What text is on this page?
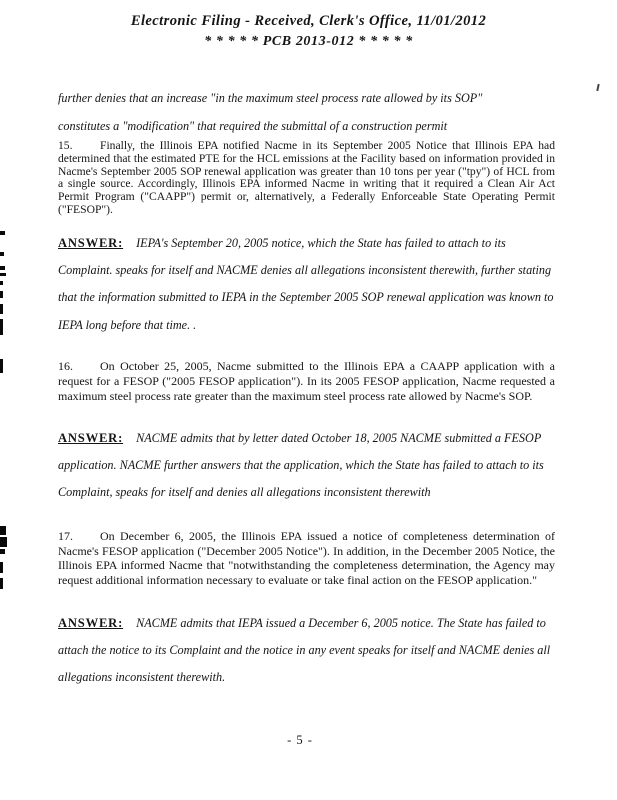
Electronic Filing - Received, Clerk's Office, 11/01/2012
* * * * * PCB 2013-012 * * * * *
further denies that an increase "in the maximum steel process rate allowed by its SOP"
constitutes a "modification" that required the submittal of a construction permit

15. Finally, the Illinois EPA notified Nacme in its September 2005 Notice that Illinois EPA had determined that the estimated PTE for the HCL emissions at the Facility based on information provided in Nacme's September 2005 SOP renewal application was greater than 10 tons per year ("tpy") of HCL from a single source. Accordingly, Illinois EPA informed Nacme in writing that it required a Clean Air Act Permit Program ("CAAPP") permit or, alternatively, a Federally Enforceable State Operating Permit ("FESOP").

ANSWER: IEPA's September 20, 2005 notice, which the State has failed to attach to its Complaint. speaks for itself and NACME denies all allegations inconsistent therewith, further stating that the information submitted to IEPA in the September 2005 SOP renewal application was known to IEPA long before that time. .

16. On October 25, 2005, Nacme submitted to the Illinois EPA a CAAPP application with a request for a FESOP ("2005 FESOP application"). In its 2005 FESOP application, Nacme requested a maximum steel process rate greater than the maximum steel process rate allowed by Nacme's SOP.

ANSWER: NACME admits that by letter dated October 18, 2005 NACME submitted a FESOP application. NACME further answers that the application, which the State has failed to attach to its Complaint, speaks for itself and denies all allegations inconsistent therewith

17. On December 6, 2005, the Illinois EPA issued a notice of completeness determination of Nacme's FESOP application ("December 2005 Notice"). In addition, in the December 2005 Notice, the Illinois EPA informed Nacme that "notwithstanding the completeness determination, the Agency may request additional information necessary to evaluate or take final action on the FESOP application."

ANSWER: NACME admits that IEPA issued a December 6, 2005 notice. The State has failed to attach the notice to its Complaint and the notice in any event speaks for itself and NACME denies all allegations inconsistent therewith.

- 5 -
